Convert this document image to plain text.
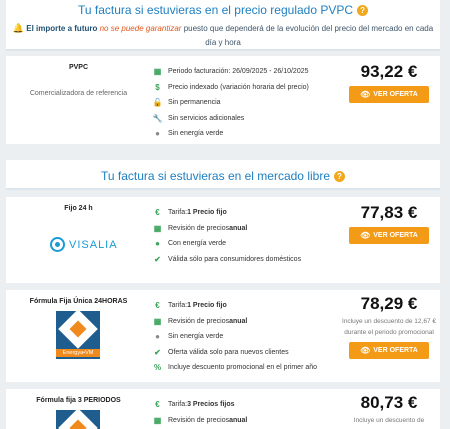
Tu factura si estuvieras en el precio regulado PVPC ?
🔔 El importe a futuro no se puede garantizar puesto que dependerá de la evolución del precio del mercado en cada día y hora
PVPC
Comercializadora de referencia
▦ Periodo facturación: 26/09/2025 - 26/10/2025
$	Precio indexado (variación horaria del precio)
🔓 Sin permanencia
🔧 Sin servicios adicionales
●	Sin energía verde
93,22 €
👁 VER OFERTA
Tu factura si estuvieras en el mercado libre ?
Fijo 24 h
VISALIA
€	Tarifa: 1 Precio fijo
▦ Revisión de precios anual
●	Con energía verde
✔	Válida sólo para consumidores domésticos
77,83 €
👁 VER OFERTA
Fórmula Fija Única 24HORAS
Energya•VM
€	Tarifa: 1 Precio fijo
▦ Revisión de precios anual
●	Sin energía verde
✔	Oferta válida solo para nuevos clientes
% Incluye descuento promocional en el primer año
78,29 €
Incluye un descuento de 12,67 € durante el periodo promocional
👁 VER OFERTA
Fórmula fija 3 PERIODOS	€	Tarifa: 3 Precios fijos
▦ Revisión de precios anual
80,73 €
Incluye un descuento de
